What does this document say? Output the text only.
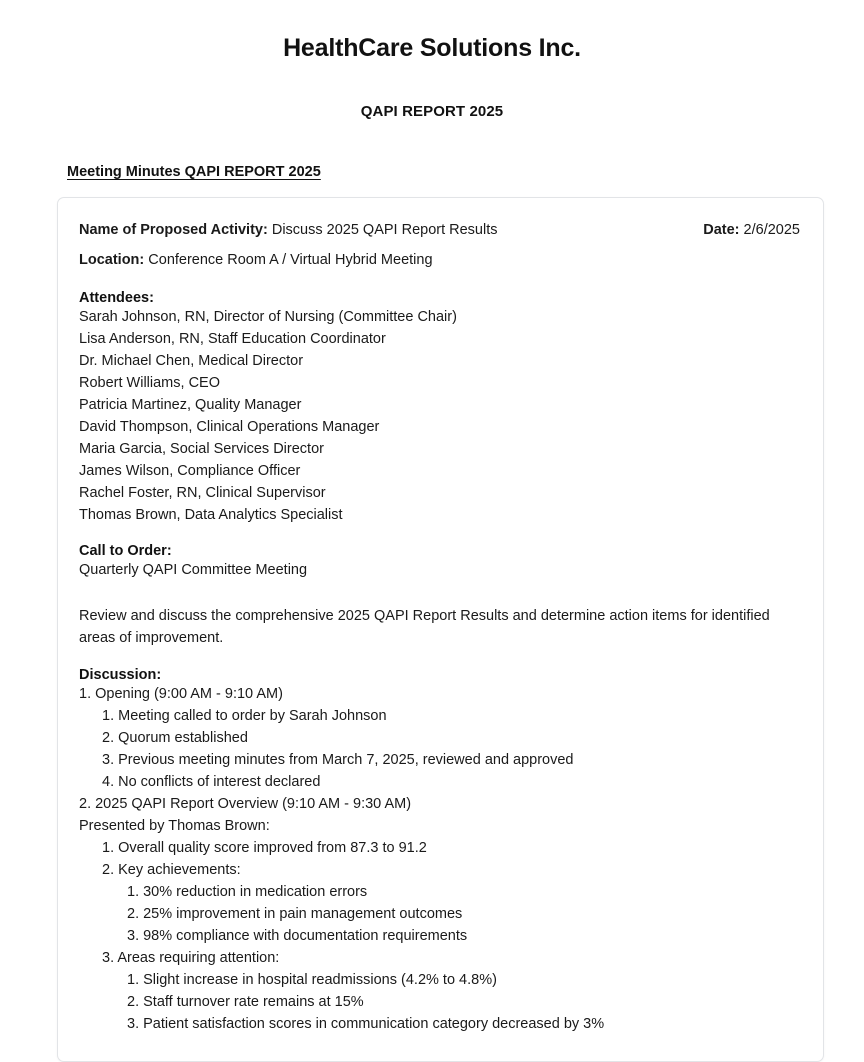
HealthCare Solutions Inc.
QAPI REPORT 2025
Meeting Minutes QAPI REPORT 2025
Name of Proposed Activity: Discuss 2025 QAPI Report Results	Date: 2/6/2025
Location: Conference Room A / Virtual Hybrid Meeting
Attendees:
Sarah Johnson, RN, Director of Nursing (Committee Chair)
Lisa Anderson, RN, Staff Education Coordinator
Dr. Michael Chen, Medical Director
Robert Williams, CEO
Patricia Martinez, Quality Manager
David Thompson, Clinical Operations Manager
Maria Garcia, Social Services Director
James Wilson, Compliance Officer
Rachel Foster, RN, Clinical Supervisor
Thomas Brown, Data Analytics Specialist
Call to Order:
Quarterly QAPI Committee Meeting
Review and discuss the comprehensive 2025 QAPI Report Results and determine action items for identified areas of improvement.
Discussion:
1. Opening (9:00 AM - 9:10 AM)
1. Meeting called to order by Sarah Johnson
2. Quorum established
3. Previous meeting minutes from March 7, 2025, reviewed and approved
4. No conflicts of interest declared
2. 2025 QAPI Report Overview (9:10 AM - 9:30 AM)
Presented by Thomas Brown:
1. Overall quality score improved from 87.3 to 91.2
2. Key achievements:
1. 30% reduction in medication errors
2. 25% improvement in pain management outcomes
3. 98% compliance with documentation requirements
3. Areas requiring attention:
1. Slight increase in hospital readmissions (4.2% to 4.8%)
2. Staff turnover rate remains at 15%
3. Patient satisfaction scores in communication category decreased by 3%
